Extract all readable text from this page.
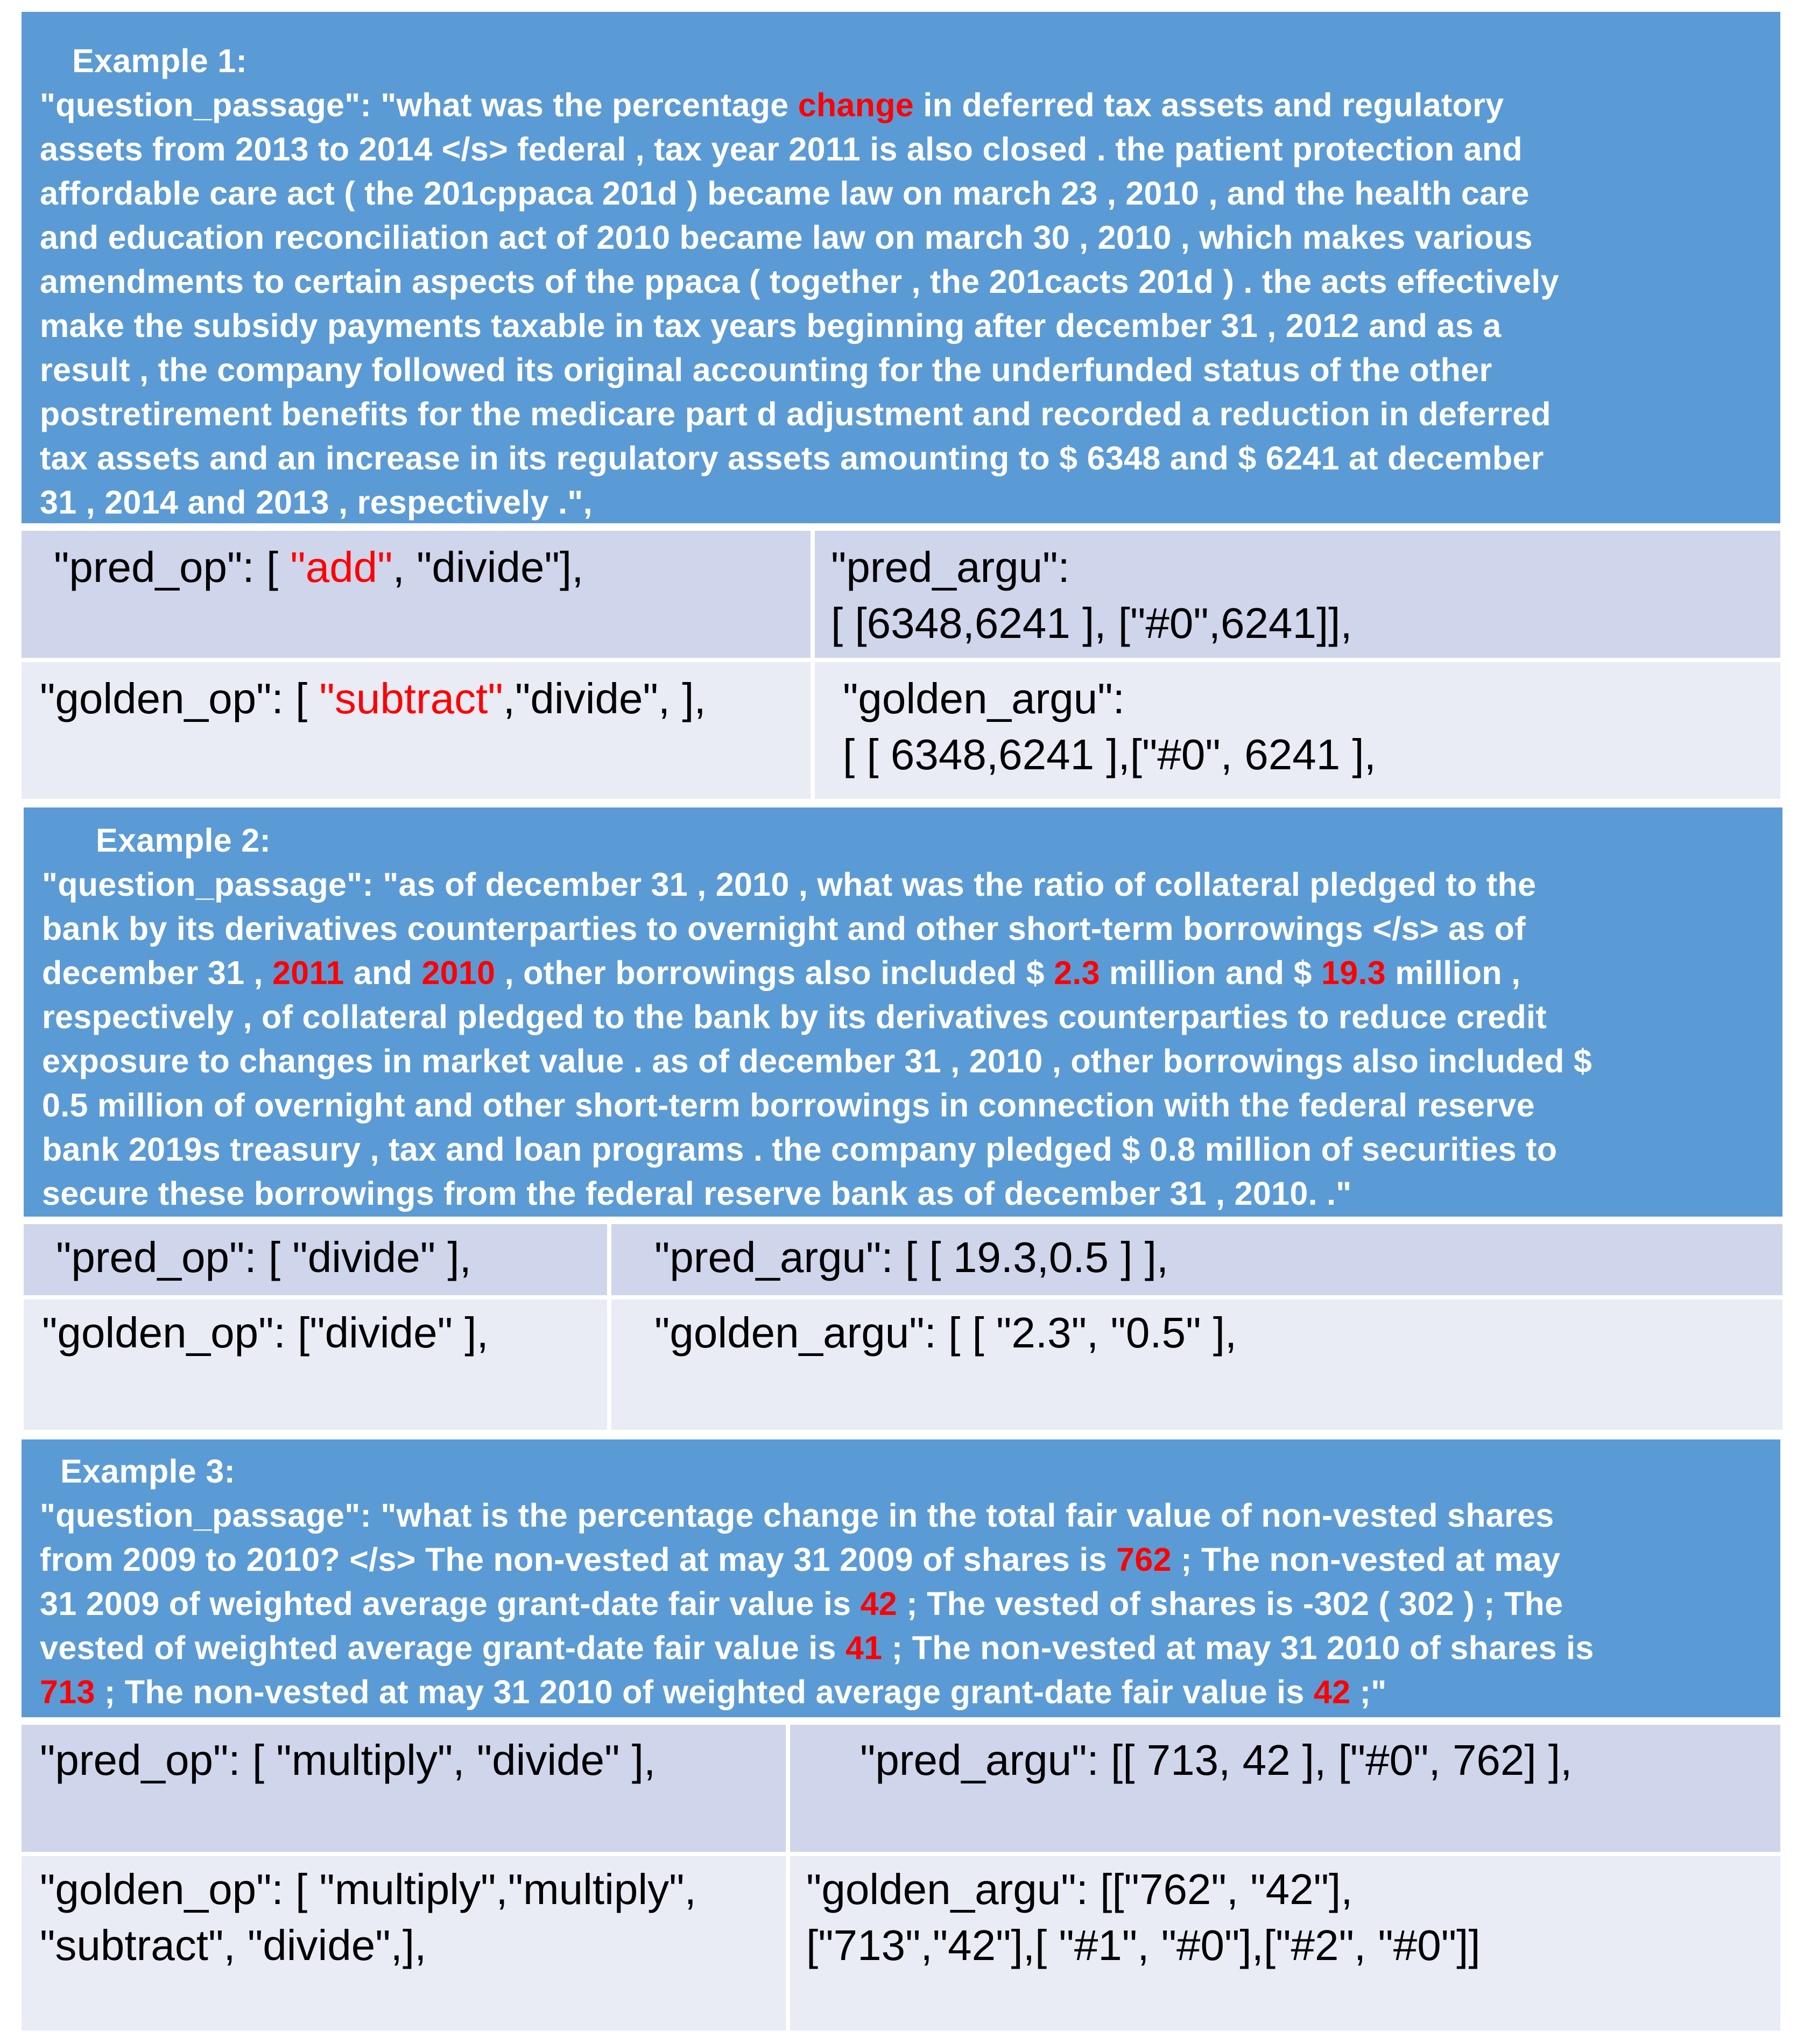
Example 1:
"question_passage": "what was the percentage change in deferred tax assets and regulatory
assets from 2013 to 2014 </s> federal , tax year 2011 is also closed . the patient protection and
affordable care act ( the 201cppaca 201d ) became law on march 23 , 2010 , and the health care
and education reconciliation act of 2010 became law on march 30 , 2010 , which makes various
amendments to certain aspects of the ppaca ( together , the 201cacts 201d ) . the acts effectively
make the subsidy payments taxable in tax years beginning after december 31 , 2012 and as a
result , the company followed its original accounting for the underfunded status of the other
postretirement benefits for the medicare part d adjustment and recorded a reduction in deferred
tax assets and an increase in its regulatory assets amounting to $ 6348 and $ 6241 at december
31 , 2014 and 2013 , respectively .",
"pred_op": [ "add", "divide"],	"pred_argu":
[ [6348,6241 ], ["#0",6241]],
"golden_op": [ "subtract","divide", ],	"golden_argu":
[ [ 6348,6241 ],["#0", 6241 ],
Example 2:
"question_passage": "as of december 31 , 2010 , what was the ratio of collateral pledged to the
bank by its derivatives counterparties to overnight and other short-term borrowings </s> as of
december 31 , 2011 and 2010 , other borrowings also included $ 2.3 million and $ 19.3 million ,
respectively , of collateral pledged to the bank by its derivatives counterparties to reduce credit
exposure to changes in market value . as of december 31 , 2010 , other borrowings also included $
0.5 million of overnight and other short-term borrowings in connection with the federal reserve
bank 2019s treasury , tax and loan programs . the company pledged $ 0.8 million of securities to
secure these borrowings from the federal reserve bank as of december 31 , 2010. ."
"pred_op": [ "divide" ],	"pred_argu": [ [ 19.3,0.5 ] ],
"golden_op": ["divide" ],	"golden_argu": [ [ "2.3", "0.5" ],
Example 3:
"question_passage": "what is the percentage change in the total fair value of non-vested shares
from 2009 to 2010? </s> The non-vested at may 31 2009 of shares is 762 ; The non-vested at may
31 2009 of weighted average grant-date fair value is 42 ; The vested of shares is -302 ( 302 ) ; The
vested of weighted average grant-date fair value is 41 ; The non-vested at may 31 2010 of shares is
713 ; The non-vested at may 31 2010 of weighted average grant-date fair value is 42 ;"
"pred_op": [ "multiply", "divide" ],	"pred_argu": [[ 713, 42 ], ["#0", 762] ],
"golden_op": [ "multiply","multiply",
"subtract", "divide",],
"golden_argu": [["762", "42"],
["713","42"],[ "#1", "#0"],["#2", "#0"]]
